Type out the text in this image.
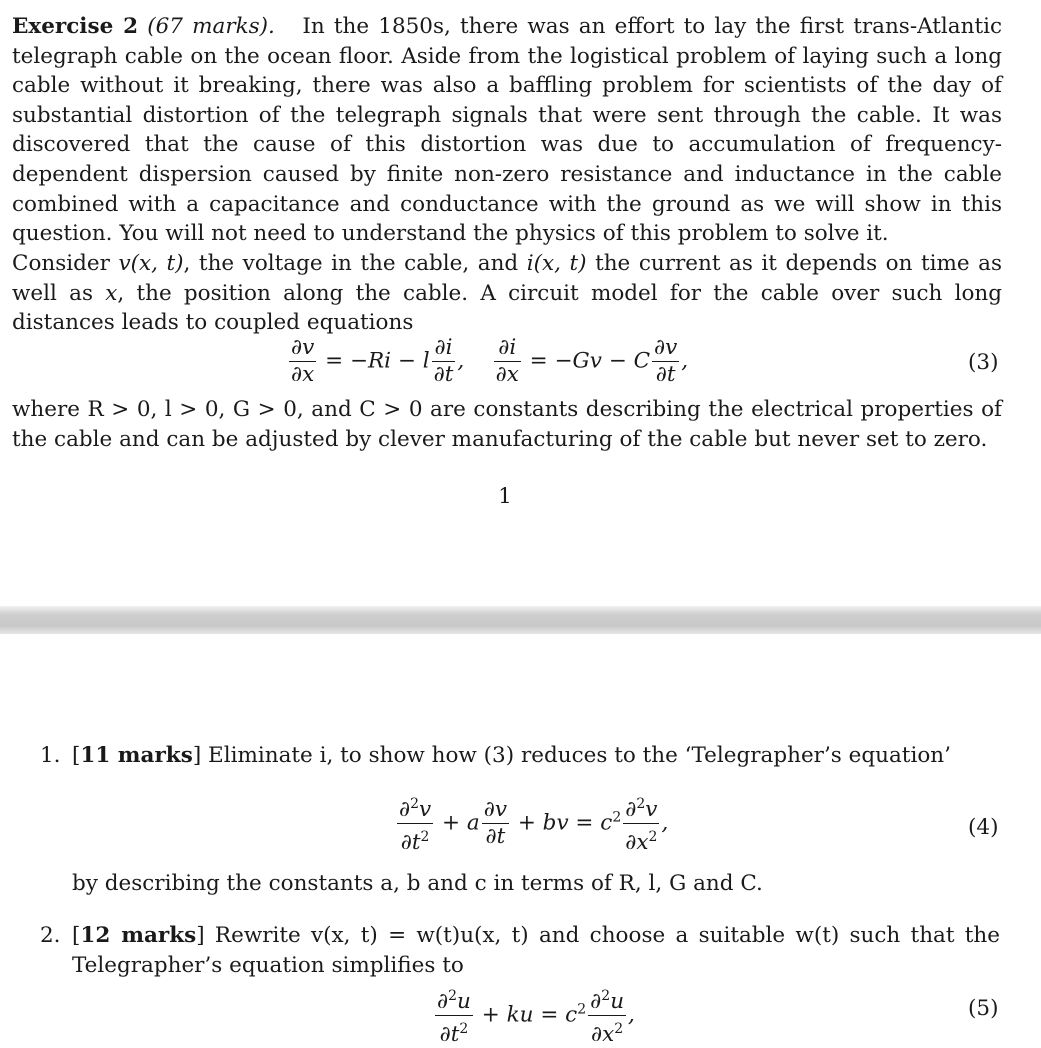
Exercise 2 (67 marks). In the 1850s, there was an effort to lay the first trans-Atlantic telegraph cable on the ocean floor. Aside from the logistical problem of laying such a long cable without it breaking, there was also a baffling problem for scientists of the day of substantial distortion of the telegraph signals that were sent through the cable. It was discovered that the cause of this distortion was due to accumulation of frequency-dependent dispersion caused by finite non-zero resistance and inductance in the cable combined with a capacitance and conductance with the ground as we will show in this question. You will not need to understand the physics of this problem to solve it.

Consider v(x, t), the voltage in the cable, and i(x, t) the current as it depends on time as well as x, the position along the cable. A circuit model for the cable over such long distances leads to coupled equations

$\frac{\partial v}{\partial x} = -Ri - l \frac{\partial i}{\partial t}$ , $\frac{\partial i}{\partial x} = -Gv - C \frac{\partial v}{\partial t}$ ,	(3)

where R > 0, l > 0, G > 0, and C > 0 are constants describing the electrical properties of the cable and can be adjusted by clever manufacturing of the cable but never set to zero.

1
1. [11 marks] Eliminate i, to show how (3) reduces to the ‘Telegrapher’s equation’
$\frac{\partial^2v}{\partial t^2} + a \frac{\partial v}{\partial t}$ + bv = $c^2 \frac{\partial^2v}{\partial x^2}$ ,	(4)
by describing the constants a, b and c in terms of R, l, G and C.
2. [12 marks] Rewrite v(x, t) = w(t)u(x, t) and choose a suitable w(t) such that the Telegrapher’s equation simplifies to
$\frac{\partial^2u}{\partial t^2}$ + ku = $c^2 \frac{\partial^2u}{\partial x^2}$ ,	(5)
